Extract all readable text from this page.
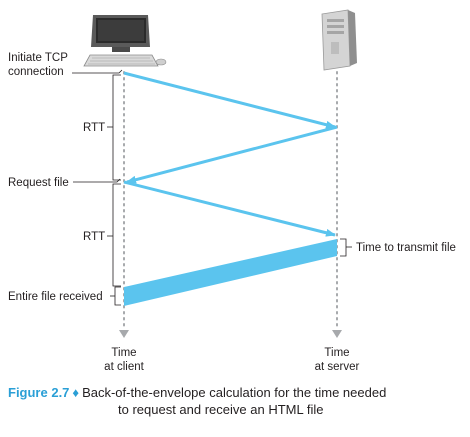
Initiate TCP
connection
RTT
Request file
RTT
Entire file received
Time to transmit file
Time
at client
Time
at server
Figure 2.7 ♦ Back-of-the-envelope calculation for the time needed
to request and receive an HTML file
